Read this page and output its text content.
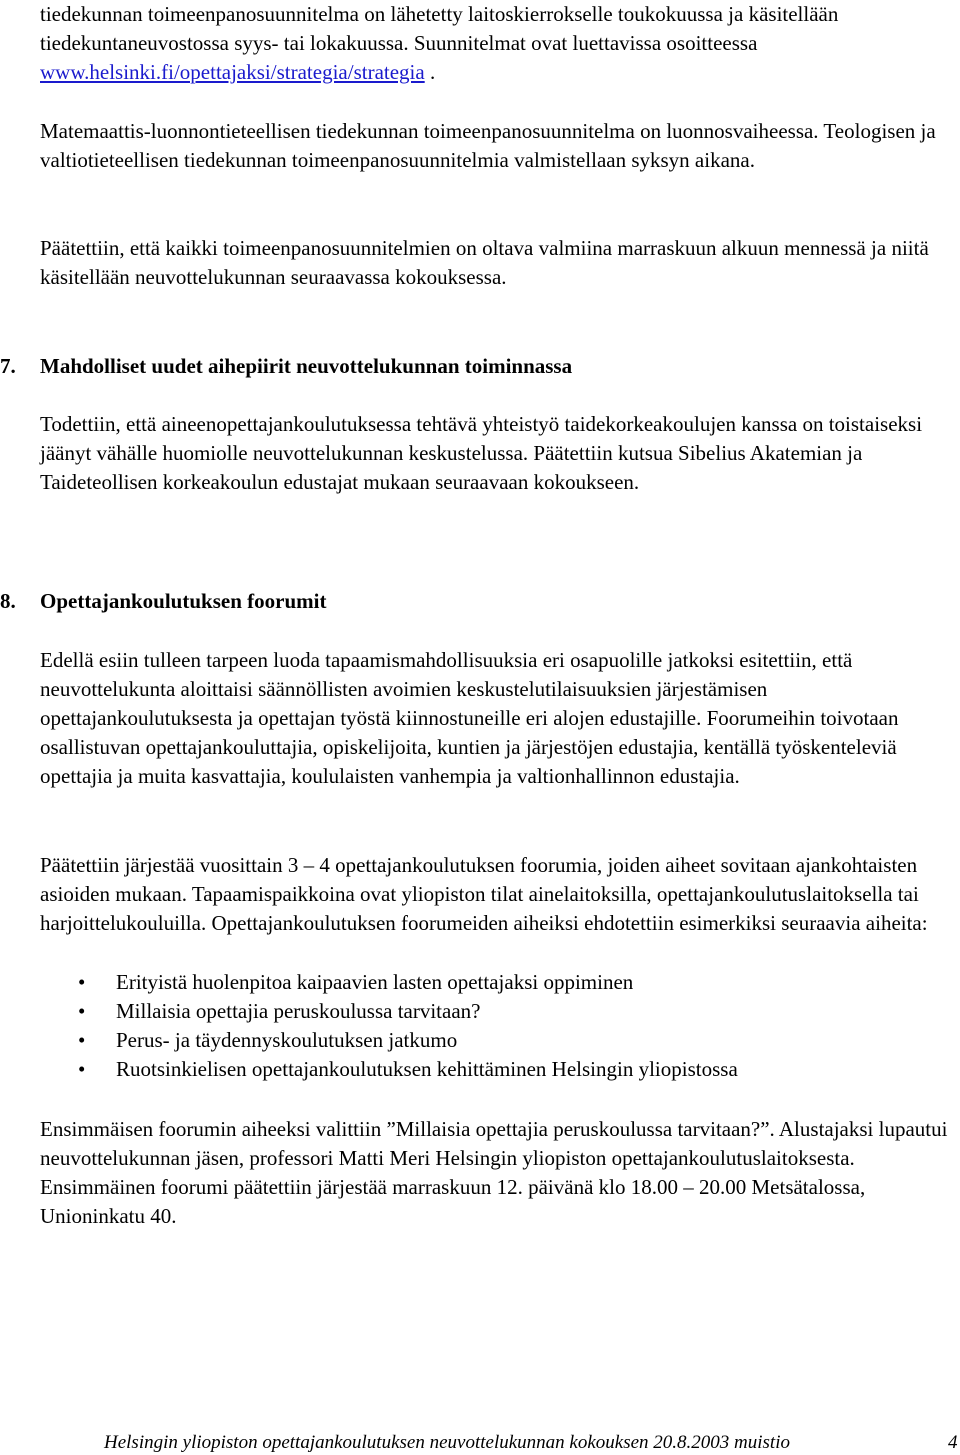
tiedekunnan toimeenpanosuunnitelma on lähetetty laitoskierrokselle toukokuussa ja käsitellään tiedekuntaneuvostossa syys- tai lokakuussa. Suunnitelmat ovat luettavissa osoitteessa www.helsinki.fi/opettajaksi/strategia/strategia .

Matemaattis-luonnontieteellisen tiedekunnan toimeenpanosuunnitelma on luonnosvaiheessa. Teologisen ja valtiotieteellisen tiedekunnan toimeenpanosuunnitelmia valmistellaan syksyn aikana.

Päätettiin, että kaikki toimeenpanosuunnitelmien on oltava valmiina marraskuun alkuun mennessä ja niitä käsitellään neuvottelukunnan seuraavassa kokouksessa.

7. Mahdolliset uudet aihepiirit neuvottelukunnan toiminnassa

Todettiin, että aineenopettajankoulutuksessa tehtävä yhteistyö taidekorkeakoulujen kanssa on toistaiseksi jäänyt vähälle huomiolle neuvottelukunnan keskustelussa. Päätettiin kutsua Sibelius Akatemian ja Taideteollisen korkeakoulun edustajat mukaan seuraavaan kokoukseen.

8. Opettajankoulutuksen foorumit

Edellä esiin tulleen tarpeen luoda tapaamismahdollisuuksia eri osapuolille jatkoksi esitettiin, että neuvottelukunta aloittaisi säännöllisten avoimien keskustelutilaisuuksien järjestämisen opettajankoulutuksesta ja opettajan työstä kiinnostuneille eri alojen edustajille. Foorumeihin toivotaan osallistuvan opettajankouluttajia, opiskelijoita, kuntien ja järjestöjen edustajia, kentällä työskenteleviä opettajia ja muita kasvattajia, koululaisten vanhempia ja valtionhallinnon edustajia.

Päätettiin järjestää vuosittain 3 – 4 opettajankoulutuksen foorumia, joiden aiheet sovitaan ajankohtaisten asioiden mukaan. Tapaamispaikkoina ovat yliopiston tilat ainelaitoksilla, opettajankoulutuslaitoksella tai harjoittelukouluilla. Opettajankoulutuksen foorumeiden aiheiksi ehdotettiin esimerkiksi seuraavia aiheita:

• Erityistä huolenpitoa kaipaavien lasten opettajaksi oppiminen
• Millaisia opettajia peruskoulussa tarvitaan?
• Perus- ja täydennyskoulutuksen jatkumo
• Ruotsinkielisen opettajankoulutuksen kehittäminen Helsingin yliopistossa

Ensimmäisen foorumin aiheeksi valittiin ”Millaisia opettajia peruskoulussa tarvitaan?”. Alustajaksi lupautui neuvottelukunnan jäsen, professori Matti Meri Helsingin yliopiston opettajankoulutuslaitoksesta. Ensimmäinen foorumi päätettiin järjestää marraskuun 12. päivänä klo 18.00 – 20.00 Metsätalossa, Unioninkatu 40.

Helsingin yliopiston opettajankoulutuksen neuvottelukunnan kokouksen 20.8.2003 muistio	4
